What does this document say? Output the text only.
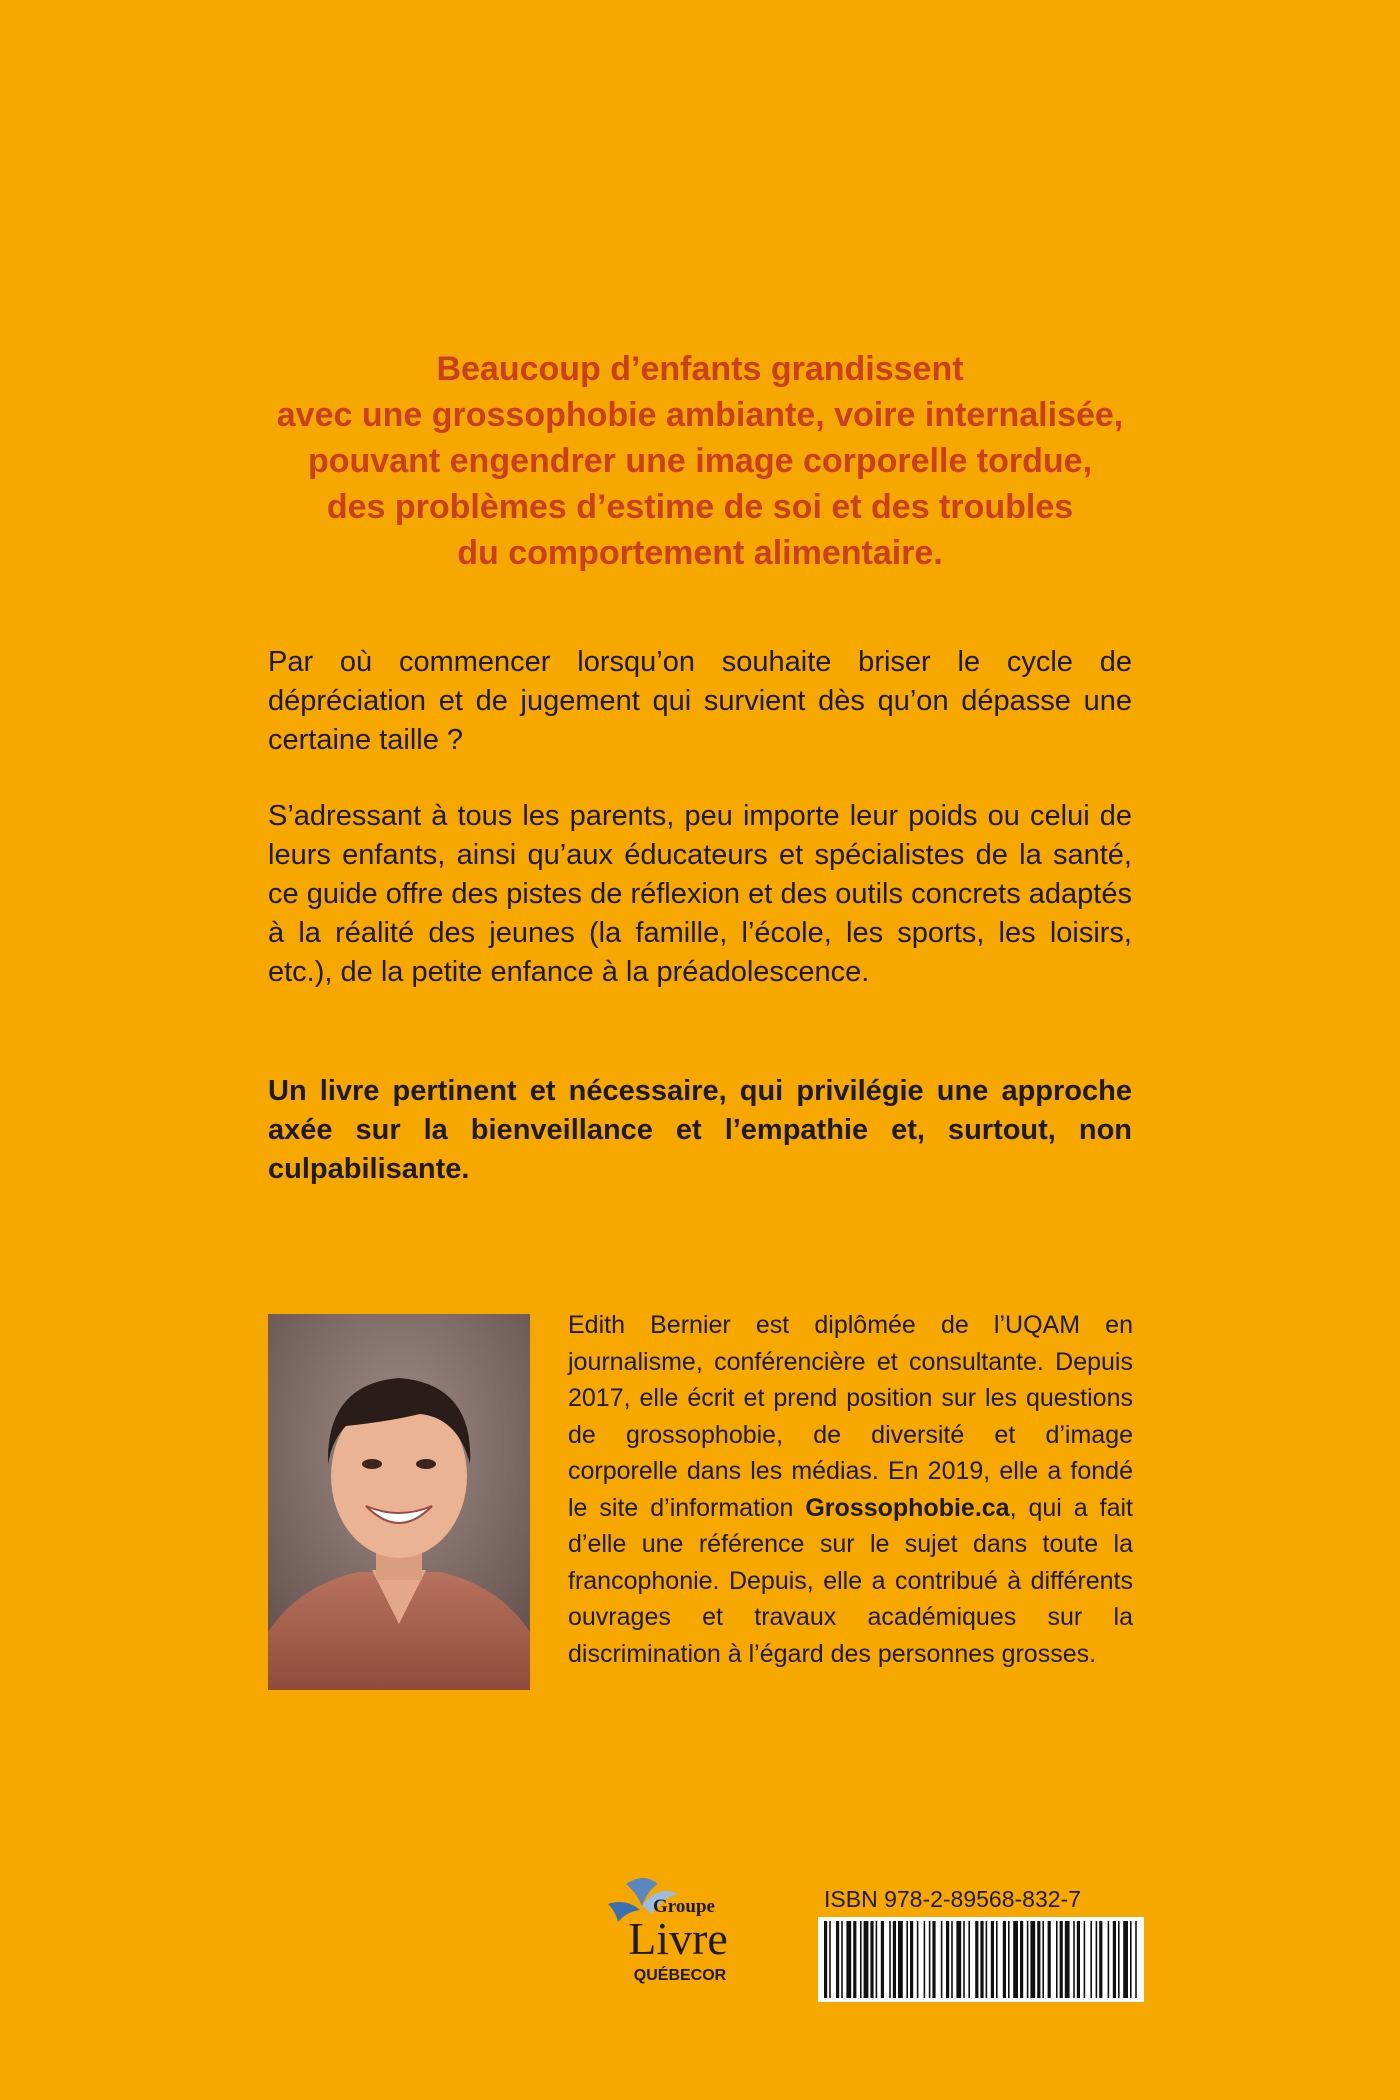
Beaucoup d’enfants grandissent
avec une grossophobie ambiante, voire internalisée,
pouvant engendrer une image corporelle tordue,
des problèmes d’estime de soi et des troubles
du comportement alimentaire.
Par où commencer lorsqu’on souhaite briser le cycle de dépréciation et de jugement qui survient dès qu’on dépasse une certaine taille ?
S’adressant à tous les parents, peu importe leur poids ou celui de leurs enfants, ainsi qu’aux éducateurs et spécialistes de la santé, ce guide offre des pistes de réflexion et des outils concrets adaptés à la réalité des jeunes (la famille, l’école, les sports, les loisirs, etc.), de la petite enfance à la préadolescence.
Un livre pertinent et nécessaire, qui privilégie une approche axée sur la bienveillance et l’empathie et, surtout, non culpabilisante.
Edith Bernier est diplômée de l’UQAM en journalisme, conférencière et consultante. Depuis 2017, elle écrit et prend position sur les questions de grossophobie, de diversité et d’image corporelle dans les médias. En 2019, elle a fondé le site d’information Grossophobie.ca, qui a fait d’elle une référence sur le sujet dans toute la francophonie. Depuis, elle a contribué à différents ouvrages et travaux académiques sur la discrimination à l’égard des personnes grosses.
Groupe
Livre
QUÉBECOR
ISBN 978-2-89568-832-7
